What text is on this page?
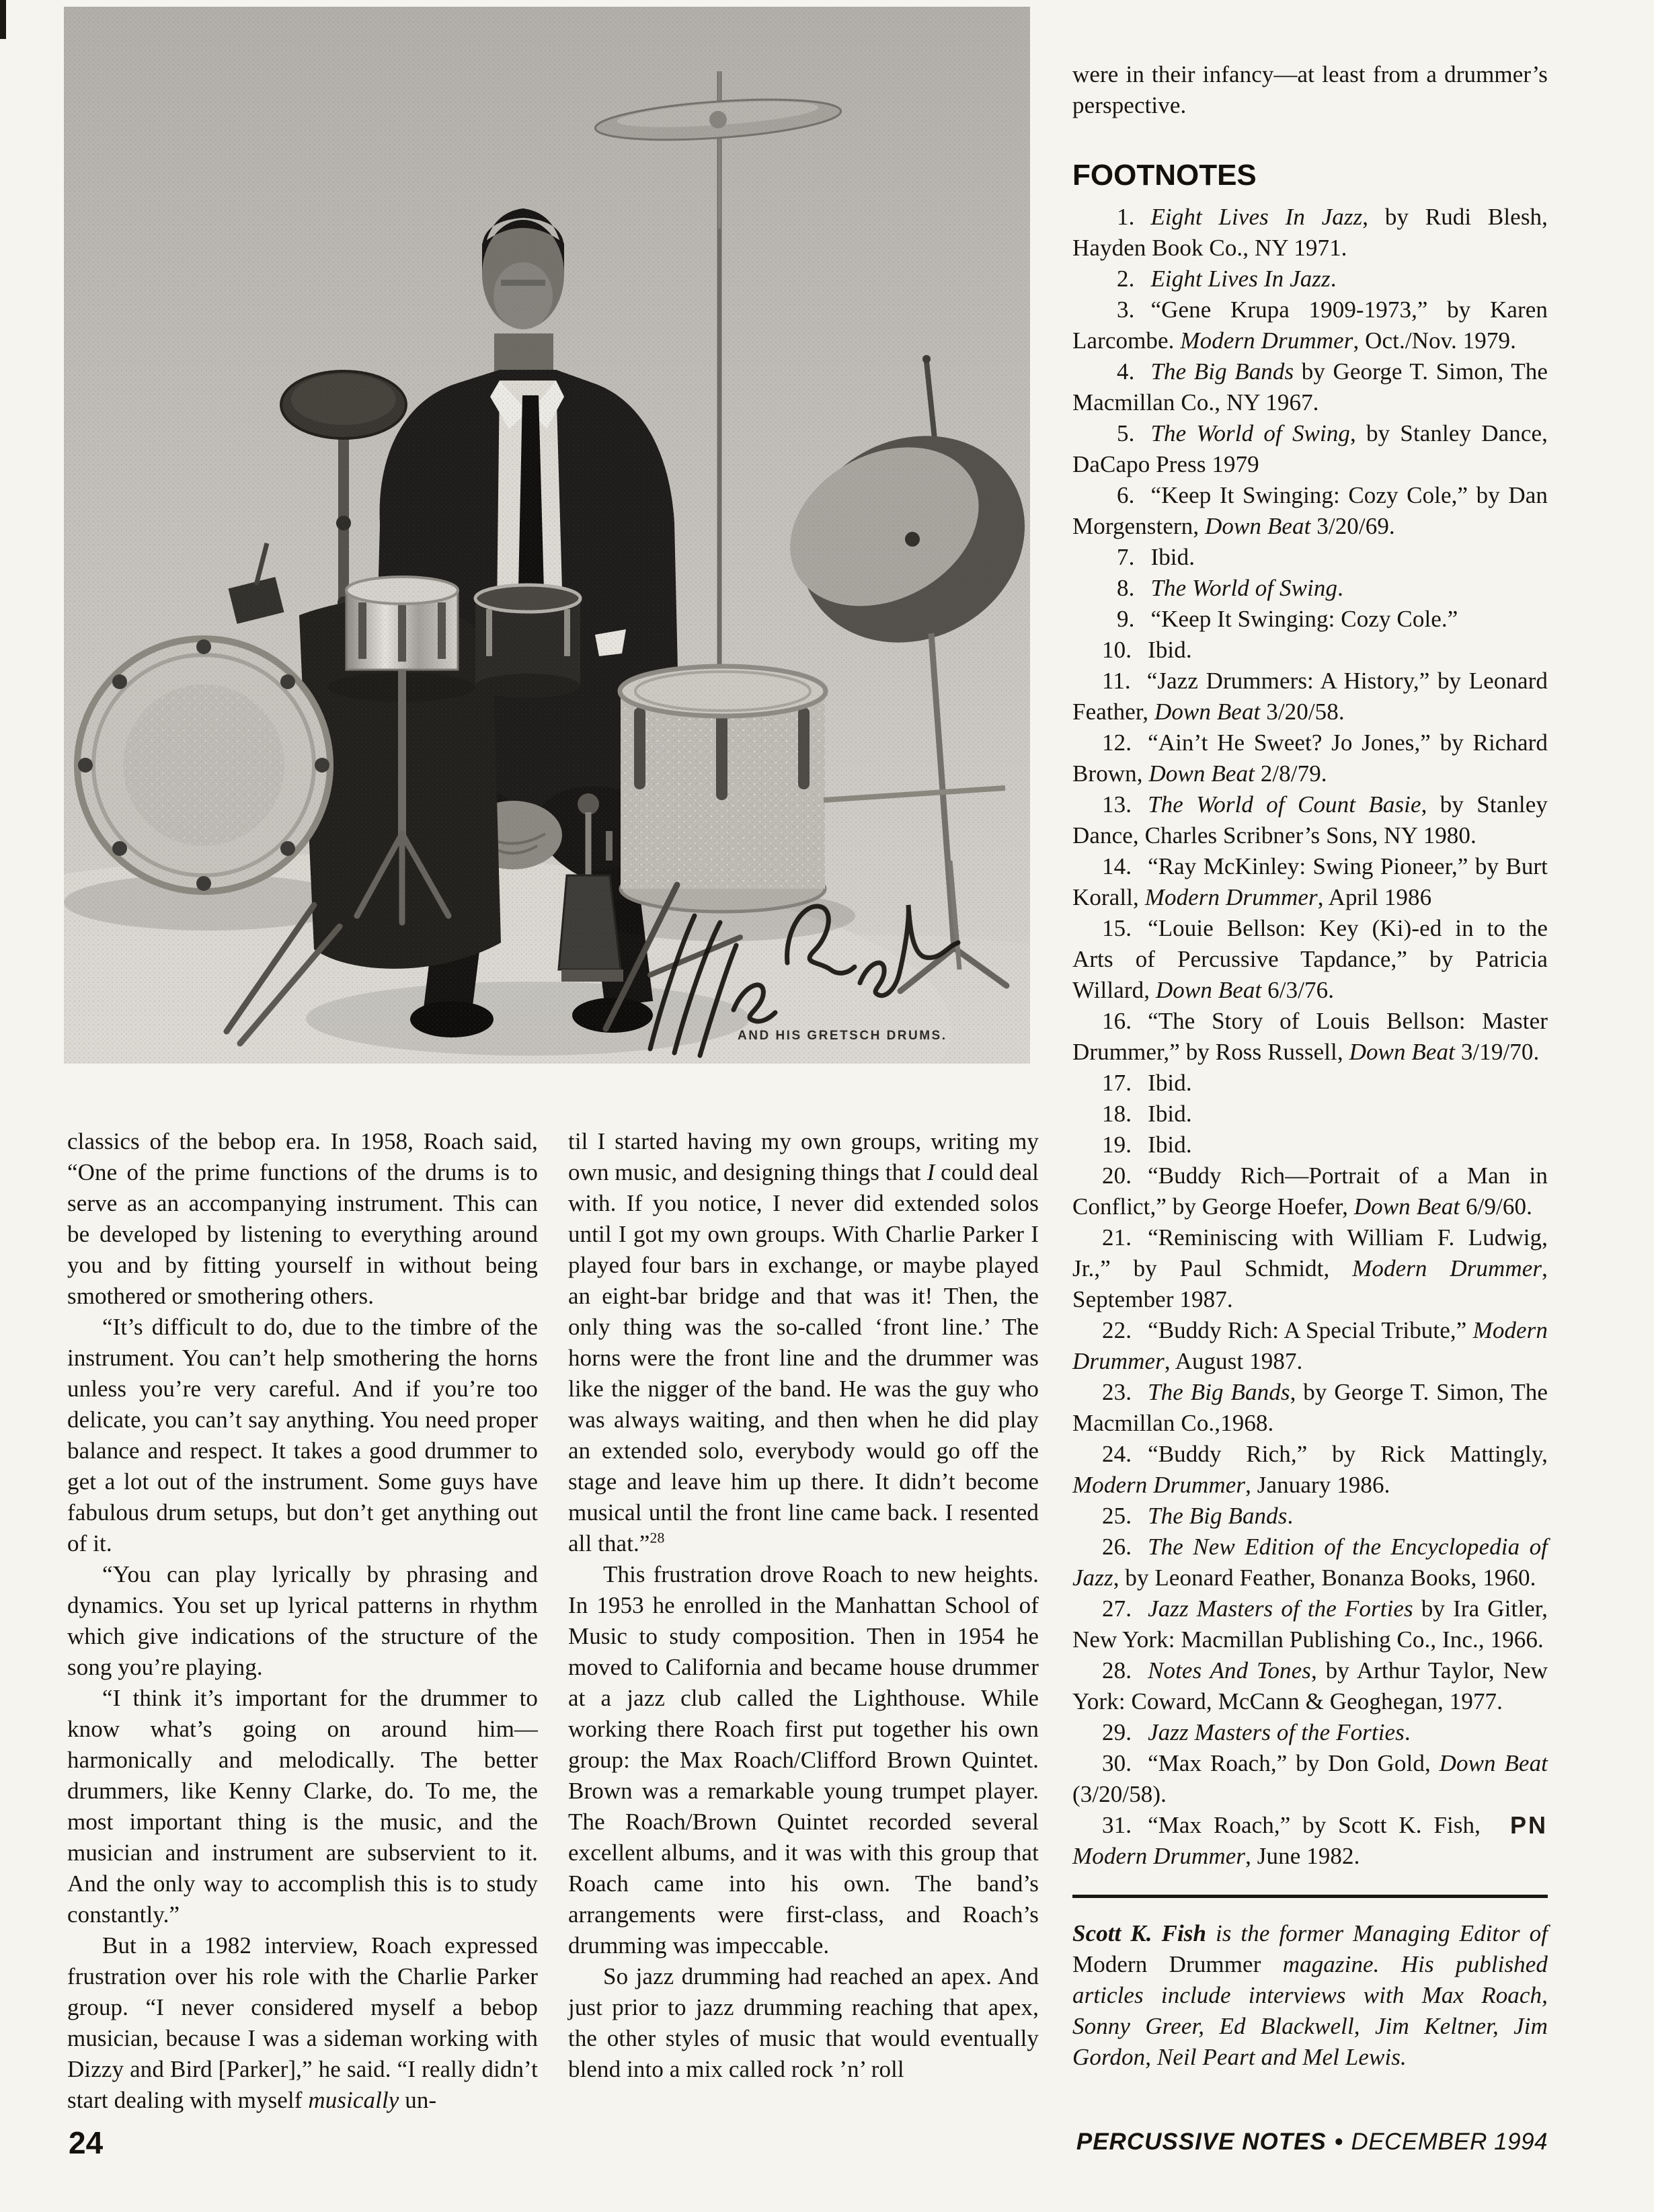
AND HIS GRETSCH DRUMS.

classics of the bebop era. In 1958, Roach said, “One of the prime functions of the drums is to serve as an accompanying instrument. This can be developed by listening to everything around you and by fitting yourself in without being smothered or smothering others.

“It’s difficult to do, due to the timbre of the instrument. You can’t help smothering the horns unless you’re very careful. And if you’re too delicate, you can’t say anything. You need proper balance and respect. It takes a good drummer to get a lot out of the instrument. Some guys have fabulous drum setups, but don’t get anything out of it.

“You can play lyrically by phrasing and dynamics. You set up lyrical patterns in rhythm which give indications of the structure of the song you’re playing.

“I think it’s important for the drummer to know what’s going on around him—harmonically and melodically. The better drummers, like Kenny Clarke, do. To me, the most important thing is the music, and the musician and instrument are subservient to it. And the only way to accomplish this is to study constantly.”

But in a 1982 interview, Roach expressed frustration over his role with the Charlie Parker group. “I never considered myself a bebop musician, because I was a sideman working with Dizzy and Bird [Parker],” he said. “I really didn’t start dealing with myself musically un-

til I started having my own groups, writing my own music, and designing things that I could deal with. If you notice, I never did extended solos until I got my own groups. With Charlie Parker I played four bars in exchange, or maybe played an eight-bar bridge and that was it! Then, the only thing was the so-called ‘front line.’ The horns were the front line and the drummer was like the nigger of the band. He was the guy who was always waiting, and then when he did play an extended solo, everybody would go off the stage and leave him up there. It didn’t become musical until the front line came back. I resented all that.”$^{28}$

This frustration drove Roach to new heights. In 1953 he enrolled in the Manhattan School of Music to study composition. Then in 1954 he moved to California and became house drummer at a jazz club called the Lighthouse. While working there Roach first put together his own group: the Max Roach/Clifford Brown Quintet. Brown was a remarkable young trumpet player. The Roach/Brown Quintet recorded several excellent albums, and it was with this group that Roach came into his own. The band’s arrangements were first-class, and Roach’s drumming was impeccable.

So jazz drumming had reached an apex. And just prior to jazz drumming reaching that apex, the other styles of music that would eventually blend into a mix called rock ’n’ roll

were in their infancy—at least from a drummer’s perspective.

FOOTNOTES

1. Eight Lives In Jazz, by Rudi Blesh, Hayden Book Co., NY 1971.

2. Eight Lives In Jazz.

3. “Gene Krupa 1909-1973,” by Karen Larcombe. Modern Drummer, Oct./Nov. 1979.

4. The Big Bands by George T. Simon, The Macmillan Co., NY 1967.

5. The World of Swing, by Stanley Dance, DaCapo Press 1979

6. “Keep It Swinging: Cozy Cole,” by Dan Morgenstern, Down Beat 3/20/69.

7. Ibid.

8. The World of Swing.

9. “Keep It Swinging: Cozy Cole.”

10. Ibid.

11. “Jazz Drummers: A History,” by Leonard Feather, Down Beat 3/20/58.

12. “Ain’t He Sweet? Jo Jones,” by Richard Brown, Down Beat 2/8/79.

13. The World of Count Basie, by Stanley Dance, Charles Scribner’s Sons, NY 1980.

14. “Ray McKinley: Swing Pioneer,” by Burt Korall, Modern Drummer, April 1986

15. “Louie Bellson: Key (Ki)-ed in to the Arts of Percussive Tapdance,” by Patricia Willard, Down Beat 6/3/76.

16. “The Story of Louis Bellson: Master Drummer,” by Ross Russell, Down Beat 3/19/70.

17. Ibid.

18. Ibid.

19. Ibid.

20. “Buddy Rich—Portrait of a Man in Conflict,” by George Hoefer, Down Beat 6/9/60.

21. “Reminiscing with William F. Ludwig, Jr.,” by Paul Schmidt, Modern Drummer, September 1987.

22. “Buddy Rich: A Special Tribute,” Modern Drummer, August 1987.

23. The Big Bands, by George T. Simon, The Macmillan Co.,1968.

24. “Buddy Rich,” by Rick Mattingly, Modern Drummer, January 1986.

25. The Big Bands.

26. The New Edition of the Encyclopedia of Jazz, by Leonard Feather, Bonanza Books, 1960.

27. Jazz Masters of the Forties by Ira Gitler, New York: Macmillan Publishing Co., Inc., 1966.

28. Notes And Tones, by Arthur Taylor, New York: Coward, McCann & Geoghegan, 1977.

29. Jazz Masters of the Forties.

30. “Max Roach,” by Don Gold, Down Beat (3/20/58).

PN
31. “Max Roach,” by Scott K. Fish, Modern Drummer, June 1982.

Scott K. Fish is the former Managing Editor of Modern Drummer magazine. His published articles include interviews with Max Roach, Sonny Greer, Ed Blackwell, Jim Keltner, Jim Gordon, Neil Peart and Mel Lewis.

24	PERCUSSIVE NOTES • DECEMBER 1994
